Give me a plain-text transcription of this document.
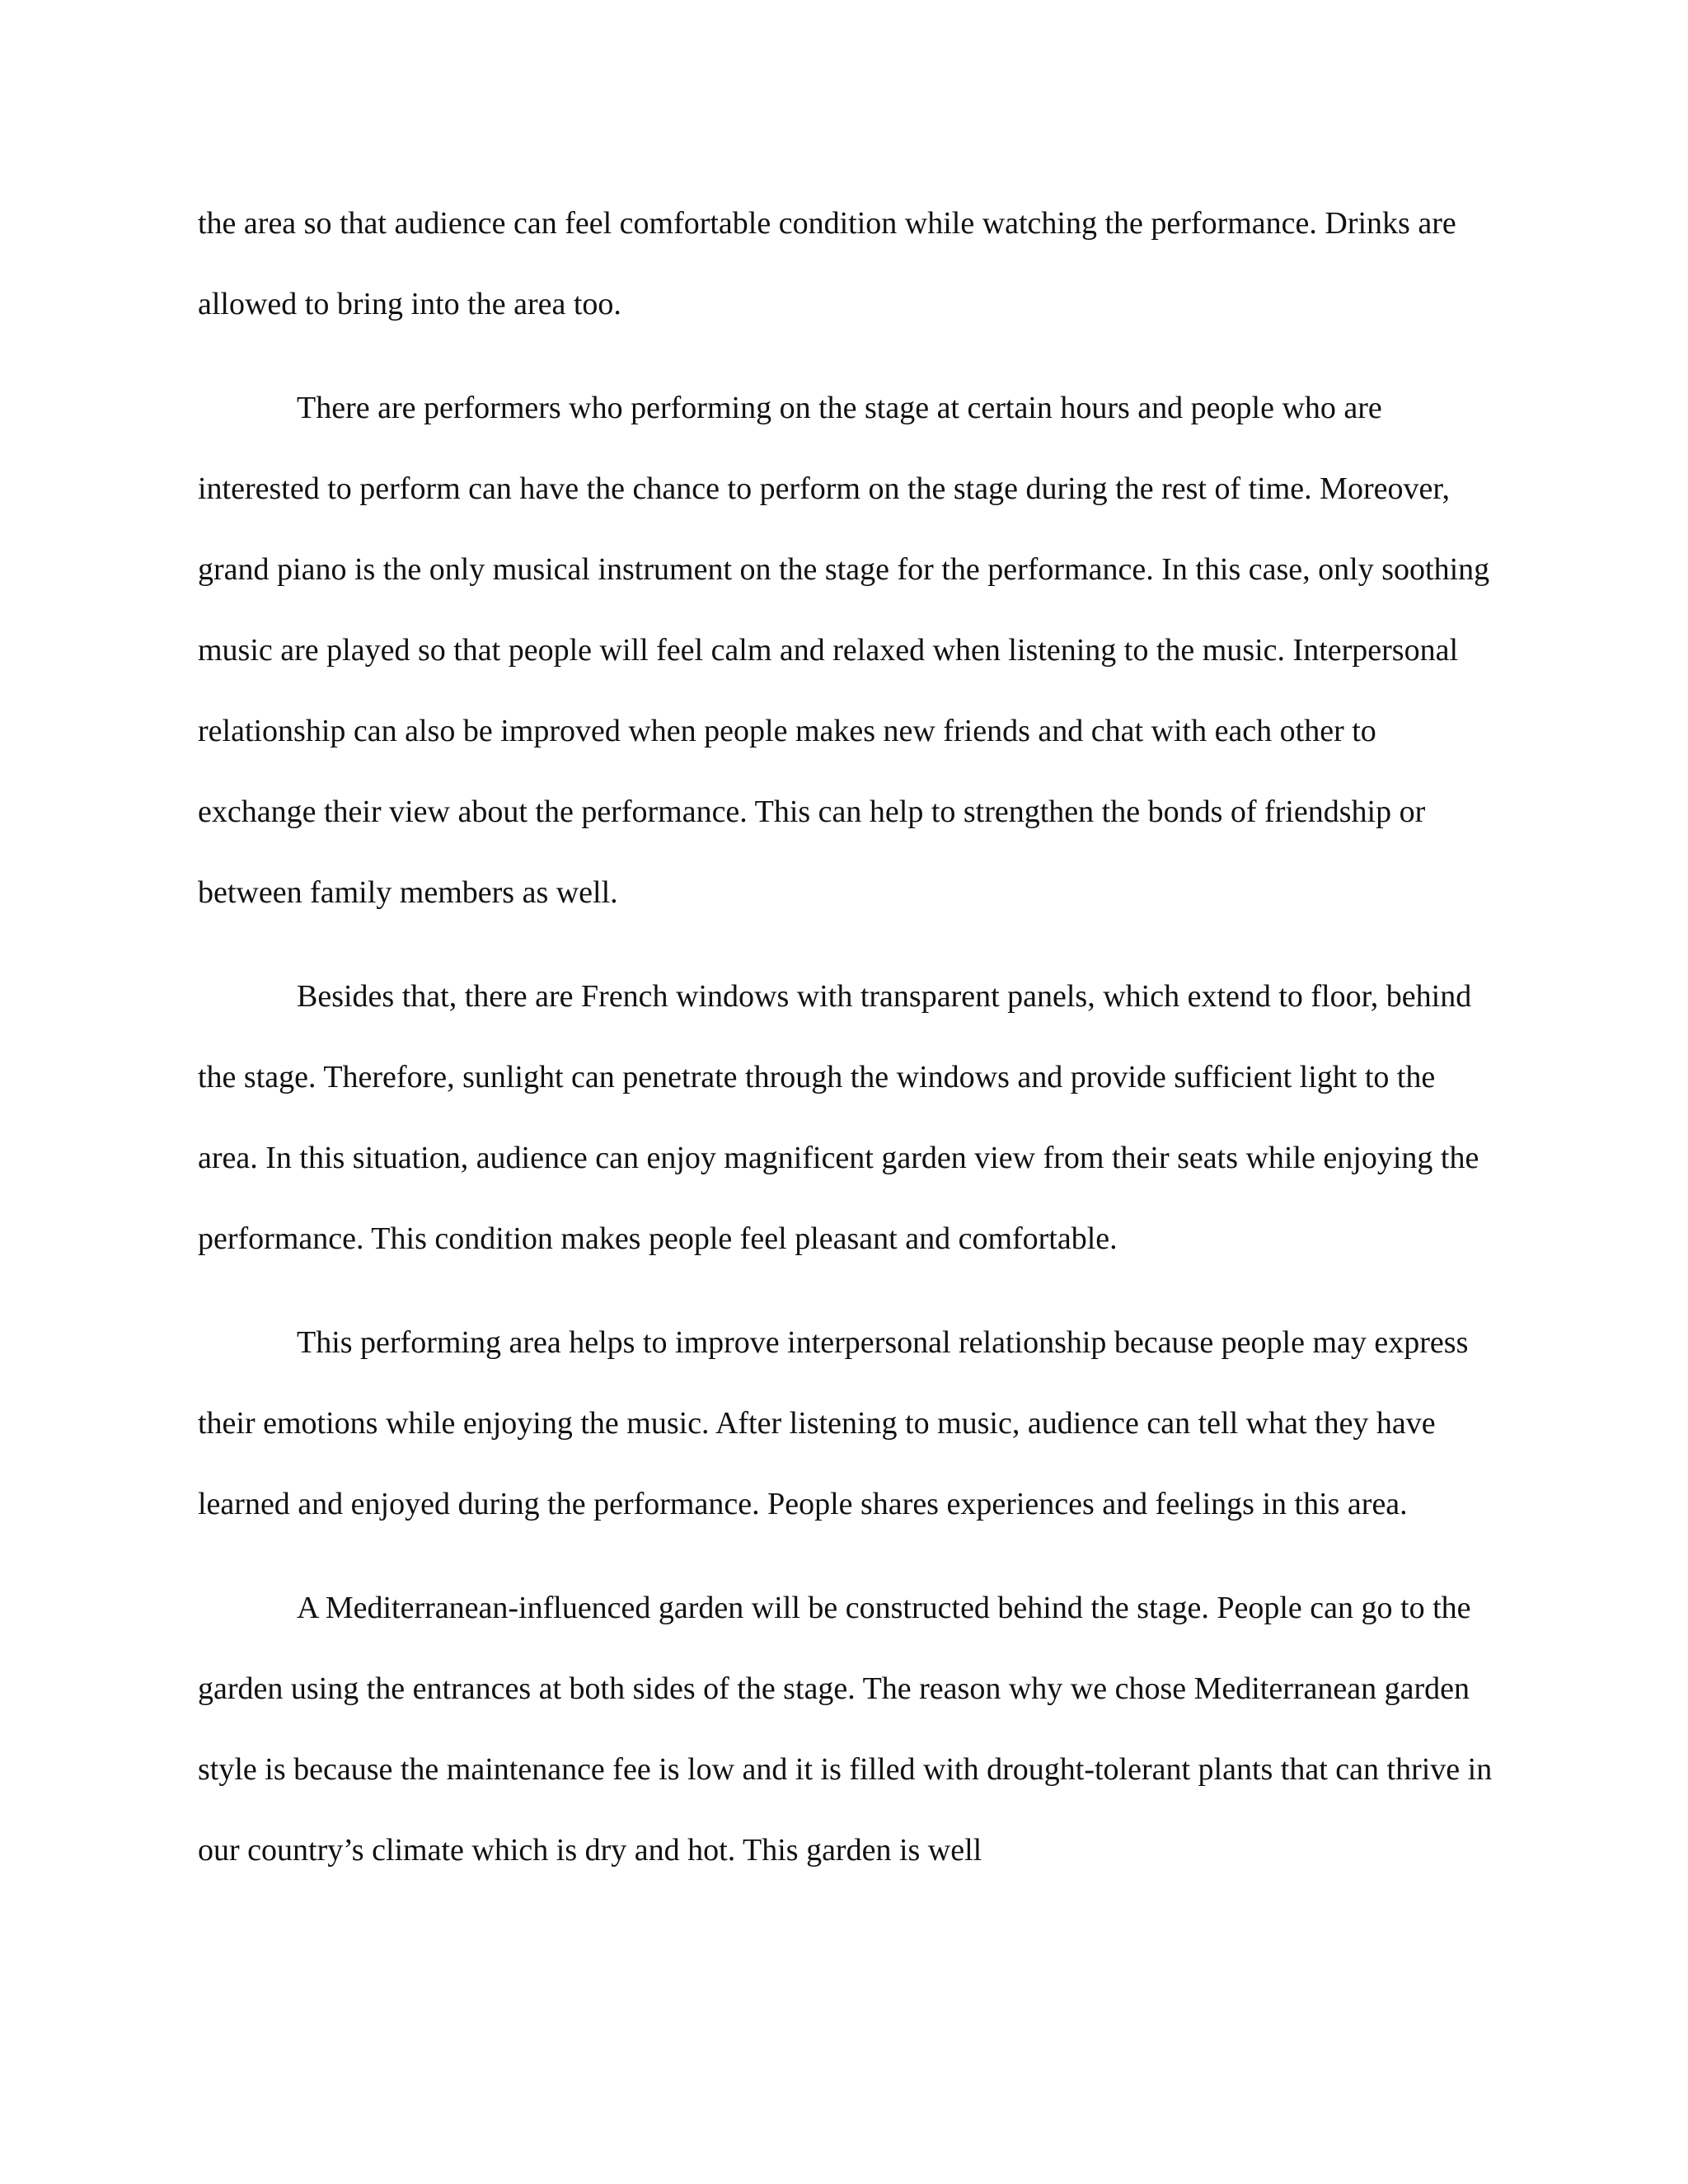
the area so that audience can feel comfortable condition while watching the performance. Drinks are allowed to bring into the area too.

There are performers who performing on the stage at certain hours and people who are interested to perform can have the chance to perform on the stage during the rest of time. Moreover, grand piano is the only musical instrument on the stage for the performance. In this case, only soothing music are played so that people will feel calm and relaxed when listening to the music. Interpersonal relationship can also be improved when people makes new friends and chat with each other to exchange their view about the performance. This can help to strengthen the bonds of friendship or between family members as well.

Besides that, there are French windows with transparent panels, which extend to floor, behind the stage. Therefore, sunlight can penetrate through the windows and provide sufficient light to the area. In this situation, audience can enjoy magnificent garden view from their seats while enjoying the performance. This condition makes people feel pleasant and comfortable.

This performing area helps to improve interpersonal relationship because people may express their emotions while enjoying the music. After listening to music, audience can tell what they have learned and enjoyed during the performance. People shares experiences and feelings in this area.

A Mediterranean-influenced garden will be constructed behind the stage. People can go to the garden using the entrances at both sides of the stage. The reason why we chose Mediterranean garden style is because the maintenance fee is low and it is filled with drought-tolerant plants that can thrive in our country’s climate which is dry and hot. This garden is well
